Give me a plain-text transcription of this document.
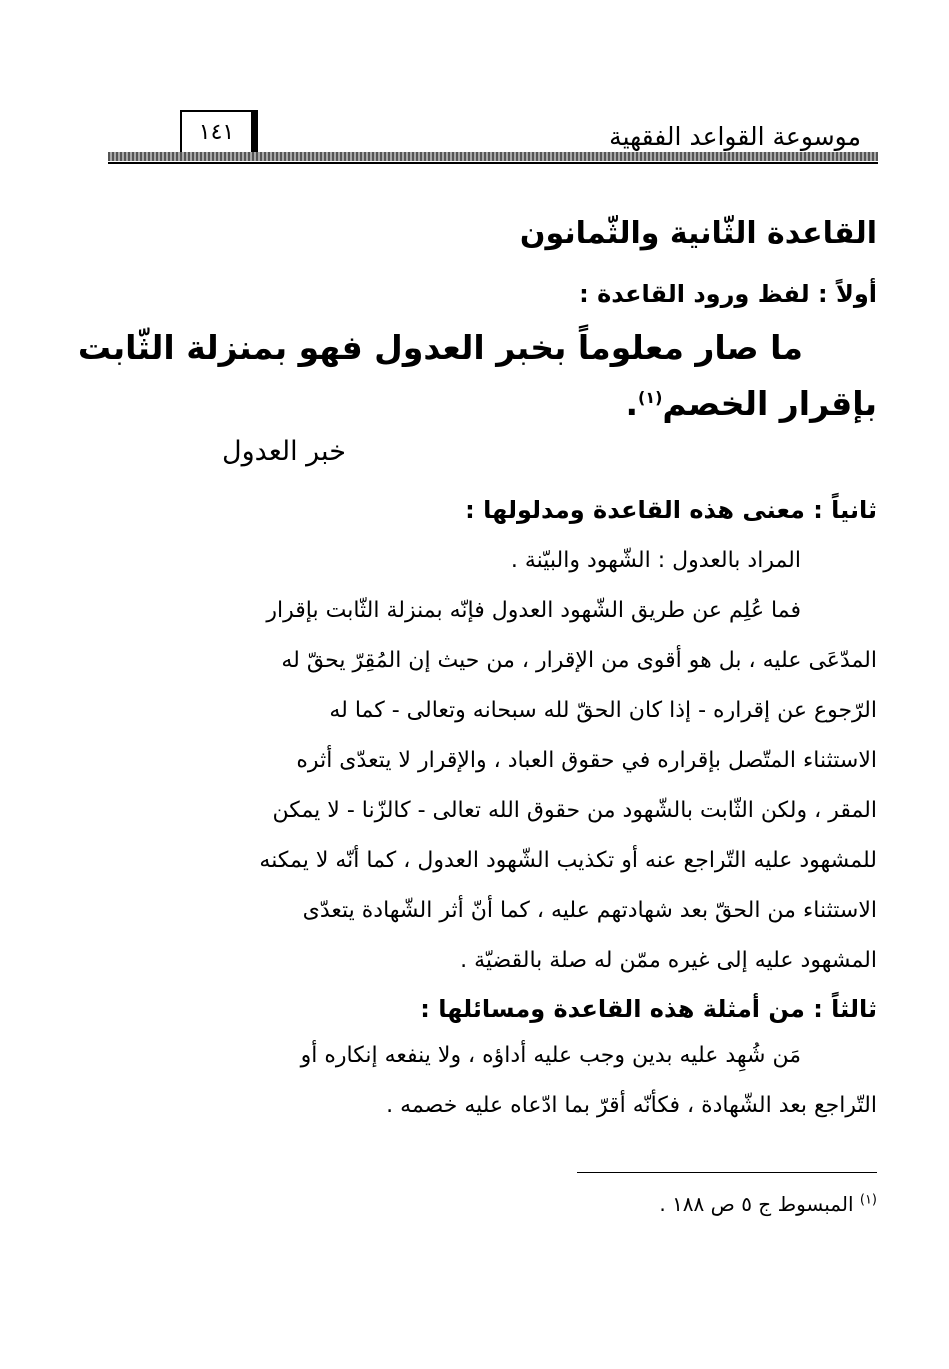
موسوعة القواعد الفقهية
١٤١
القاعدة الثّانية والثّمانون
أولاً : لفظ ورود القاعدة :
ما صار معلوماً بخبر العدول فهو بمنزلة الثّابت
بإقرار الخصم$^{(١)}$.
خبر العدول
ثانياً : معنى هذه القاعدة ومدلولها :
المراد بالعدول : الشّهود والبيّنة .
فما عُلِم عن طريق الشّهود العدول فإنّه بمنزلة الثّابت بإقرار
المدّعَى عليه ، بل هو أقوى من الإقرار ، من حيث إن المُقِرّ يحقّ له
الرّجوع عن إقراره - إذا كان الحقّ لله سبحانه وتعالى - كما له
الاستثناء المتّصل بإقراره في حقوق العباد ، والإقرار لا يتعدّى أثره
المقر ، ولكن الثّابت بالشّهود من حقوق الله تعالى - كالزّنا - لا يمكن
للمشهود عليه التّراجع عنه أو تكذيب الشّهود العدول ، كما أنّه لا يمكنه
الاستثناء من الحقّ بعد شهادتهم عليه ، كما أنّ أثر الشّهادة يتعدّى
المشهود عليه إلى غيره ممّن له صلة بالقضيّة .
ثالثاً : من أمثلة هذه القاعدة ومسائلها :
مَن شُهِد عليه بدين وجب عليه أداؤه ، ولا ينفعه إنكاره أو
التّراجع بعد الشّهادة ، فكأنّه أقرّ بما ادّعاه عليه خصمه .
$^{(١)}$ المبسوط ج ٥ ص ١٨٨ .
